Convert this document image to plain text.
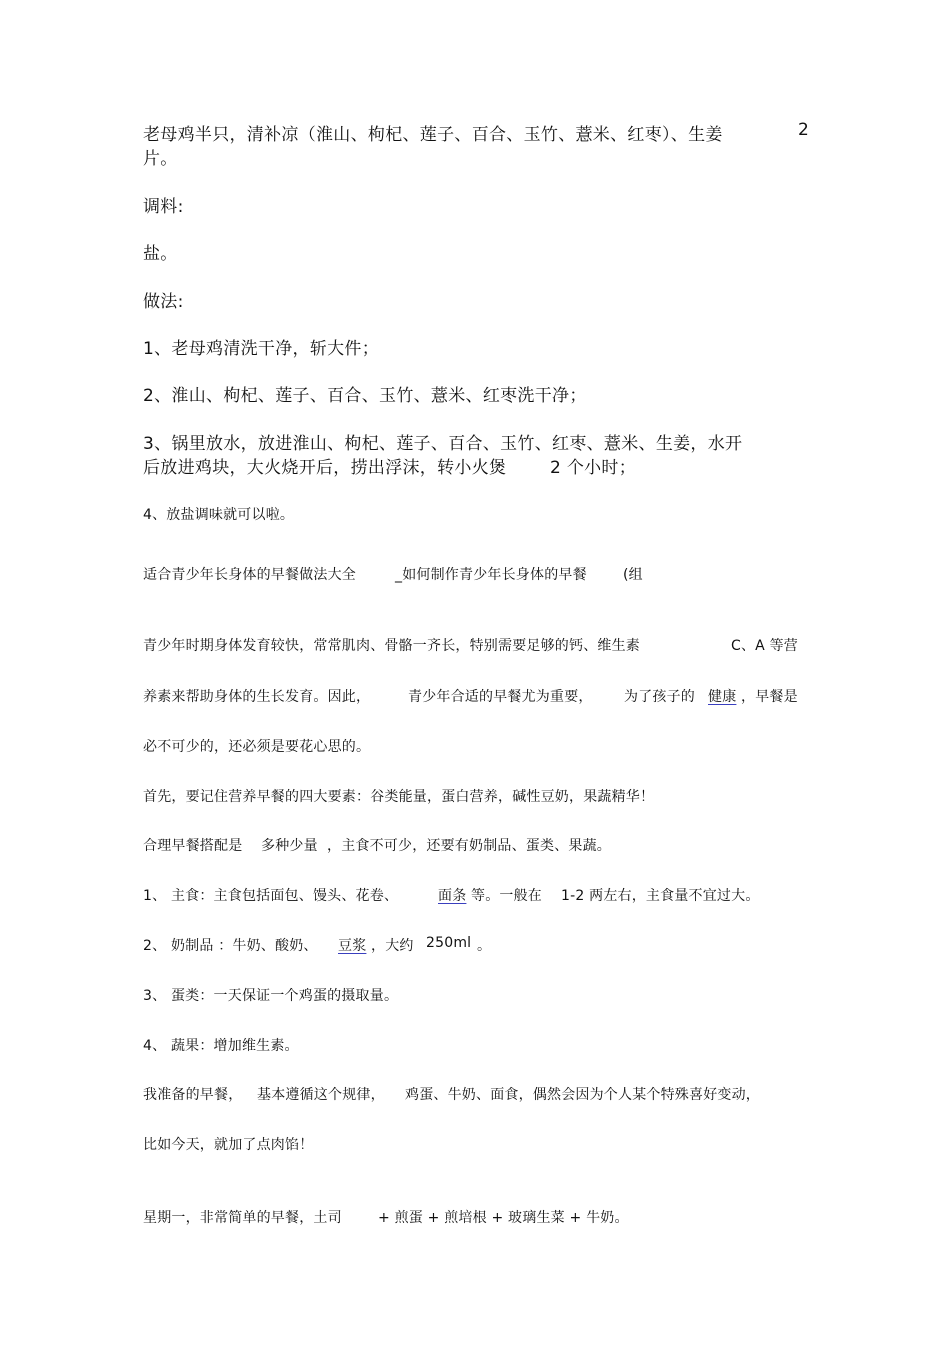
老母鸡半只，清补凉（淮山、枸杞、莲子、百合、玉竹、薏米、红枣）、生姜	2
片。
调料:
盐。
做法:
1、老母鸡清洗干净，斩大件；
2、淮山、枸杞、莲子、百合、玉竹、薏米、红枣洗干净；
3、锅里放水，放进淮山、枸杞、莲子、百合、玉竹、红枣、薏米、生姜，水开
后放进鸡块，大火烧开后，捞出浮沫，转小火煲	2 个小时；
4、放盐调味就可以啦。
适合青少年长身体的早餐做法大全	_如何制作青少年长身体的早餐	(组
青少年时期身体发育较快，常常肌肉、骨骼一齐长，特别需要足够的钙、维生素	C、A 等营
养素来帮助身体的生长发育。因此，	青少年合适的早餐尤为重要， 为了孩子的 健康 ，早餐是
必不可少的，还必须是要花心思的。
首先，要记住营养早餐的四大要素：谷类能量，蛋白营养，碱性豆奶，果蔬精华！
合理早餐搭配是 多种少量 ，主食不可少，还要有奶制品、蛋类、果蔬。
1、 主食：主食包括面包、馒头、花卷、	面条 等。一般在 1-2 两左右，主食量不宜过大。
2、 奶制品 ：牛奶、酸奶、 豆浆 ，大约 250ml 。
3、 蛋类：一天保证一个鸡蛋的摄取量。
4、 蔬果：增加维生素。
我准备的早餐， 基本遵循这个规律， 鸡蛋、牛奶、面食，偶然会因为个人某个特殊喜好变动，
比如今天，就加了点肉馅！
星期一，非常简单的早餐，土司	+ 煎蛋 + 煎培根 + 玻璃生菜 + 牛奶。
